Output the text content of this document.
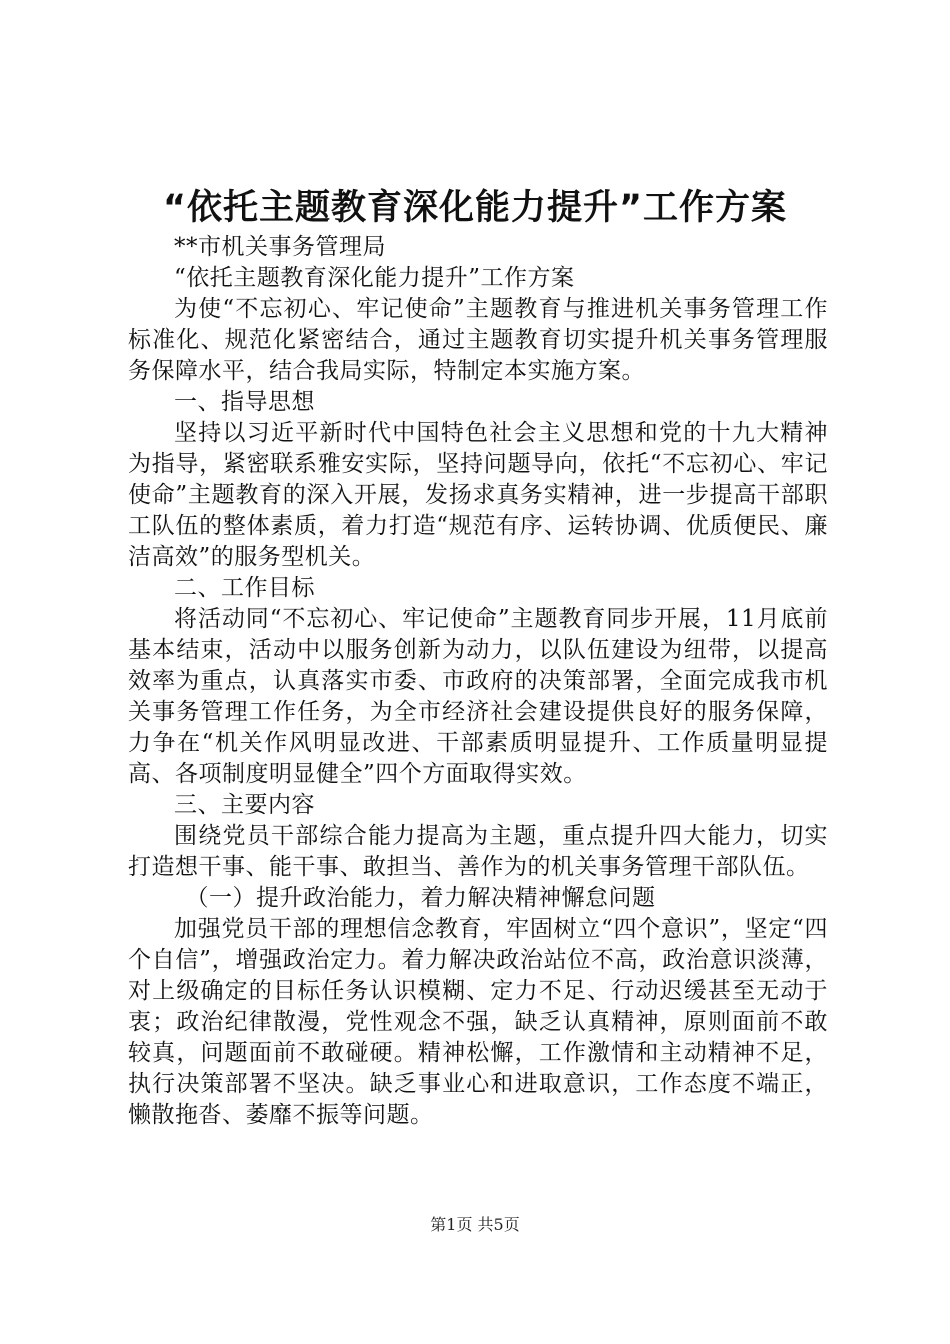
“依托主题教育深化能力提升”工作方案

**市机关事务管理局

“依托主题教育深化能力提升”工作方案

为使“不忘初心、牢记使命”主题教育与推进机关事务管理工作标准化、规范化紧密结合，通过主题教育切实提升机关事务管理服务保障水平，结合我局实际，特制定本实施方案。

一、指导思想

坚持以习近平新时代中国特色社会主义思想和党的十九大精神为指导，紧密联系雅安实际，坚持问题导向，依托“不忘初心、牢记使命”主题教育的深入开展，发扬求真务实精神，进一步提高干部职工队伍的整体素质，着力打造“规范有序、运转协调、优质便民、廉洁高效”的服务型机关。

二、工作目标

将活动同“不忘初心、牢记使命”主题教育同步开展，11月底前基本结束，活动中以服务创新为动力，以队伍建设为纽带，以提高效率为重点，认真落实市委、市政府的决策部署，全面完成我市机关事务管理工作任务，为全市经济社会建设提供良好的服务保障，力争在“机关作风明显改进、干部素质明显提升、工作质量明显提高、各项制度明显健全”四个方面取得实效。

三、主要内容

围绕党员干部综合能力提高为主题，重点提升四大能力，切实打造想干事、能干事、敢担当、善作为的机关事务管理干部队伍。

（一）提升政治能力，着力解决精神懈怠问题

加强党员干部的理想信念教育，牢固树立“四个意识”，坚定“四个自信”，增强政治定力。着力解决政治站位不高，政治意识淡薄，对上级确定的目标任务认识模糊、定力不足、行动迟缓甚至无动于衷；政治纪律散漫，党性观念不强，缺乏认真精神，原则面前不敢较真，问题面前不敢碰硬。精神松懈，工作激情和主动精神不足，执行决策部署不坚决。缺乏事业心和进取意识，工作态度不端正，懒散拖沓、萎靡不振等问题。

第1页 共5页
